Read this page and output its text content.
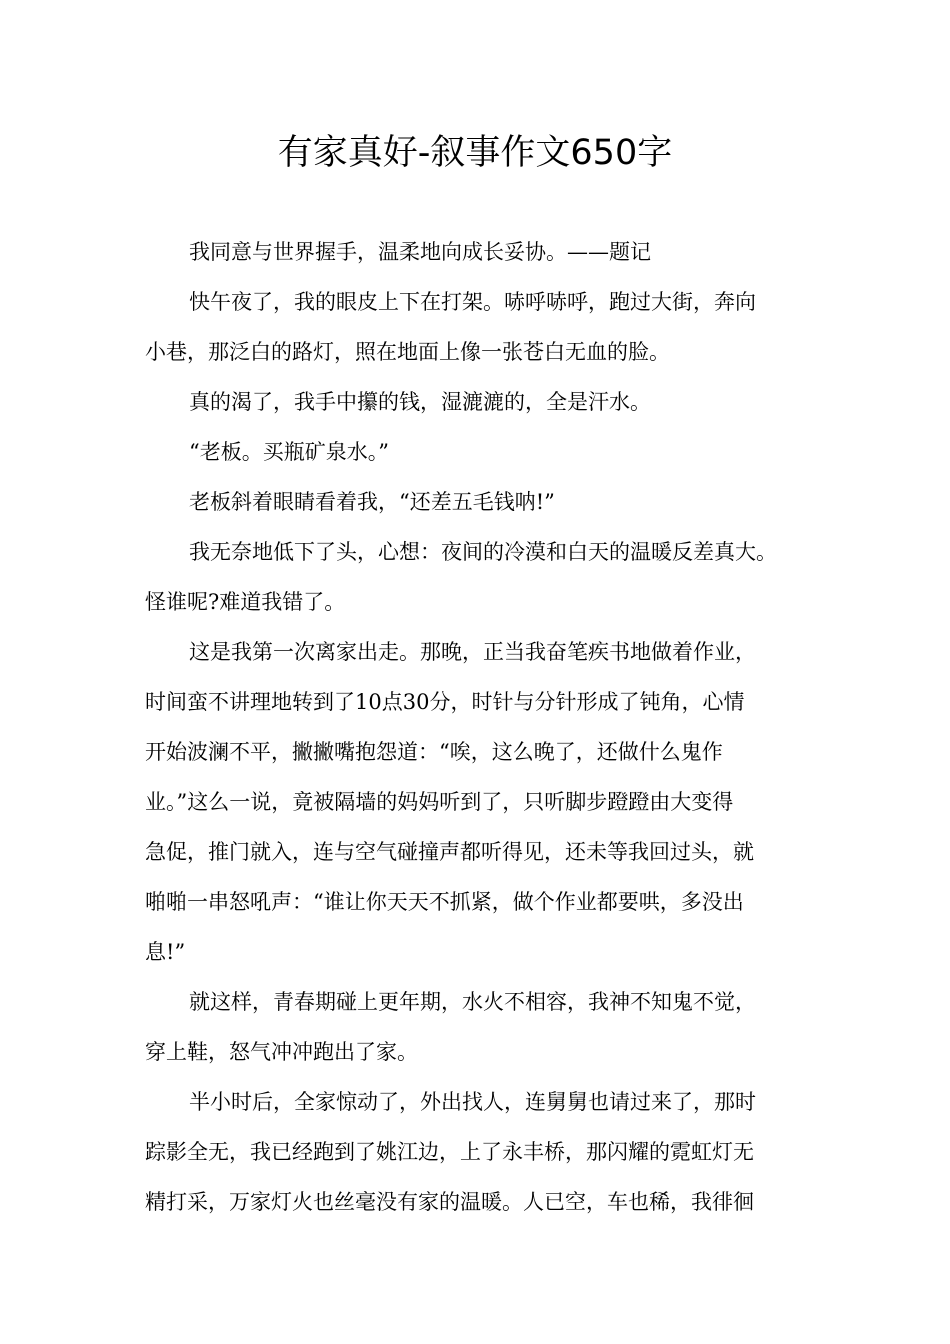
有家真好-叙事作文650字

我同意与世界握手，温柔地向成长妥协。——题记

快午夜了，我的眼皮上下在打架。哧呼哧呼，跑过大街，奔向
小巷，那泛白的路灯，照在地面上像一张苍白无血的脸。

真的渴了，我手中攥的钱，湿漉漉的，全是汗水。

“老板。买瓶矿泉水。”

老板斜着眼睛看着我，“还差五毛钱呐!”

我无奈地低下了头，心想：夜间的冷漠和白天的温暖反差真大。
怪谁呢?难道我错了。

这是我第一次离家出走。那晚，正当我奋笔疾书地做着作业，
时间蛮不讲理地转到了10点30分，时针与分针形成了钝角，心情
开始波澜不平，撇撇嘴抱怨道：“唉，这么晚了，还做什么鬼作
业。”这么一说，竟被隔墙的妈妈听到了，只听脚步蹬蹬由大变得
急促，推门就入，连与空气碰撞声都听得见，还未等我回过头，就
啪啪一串怒吼声：“谁让你天天不抓紧，做个作业都要哄，多没出
息!”

就这样，青春期碰上更年期，水火不相容，我神不知鬼不觉，
穿上鞋，怒气冲冲跑出了家。

半小时后，全家惊动了，外出找人，连舅舅也请过来了，那时
踪影全无，我已经跑到了姚江边，上了永丰桥，那闪耀的霓虹灯无
精打采，万家灯火也丝毫没有家的温暖。人已空，车也稀，我徘徊
